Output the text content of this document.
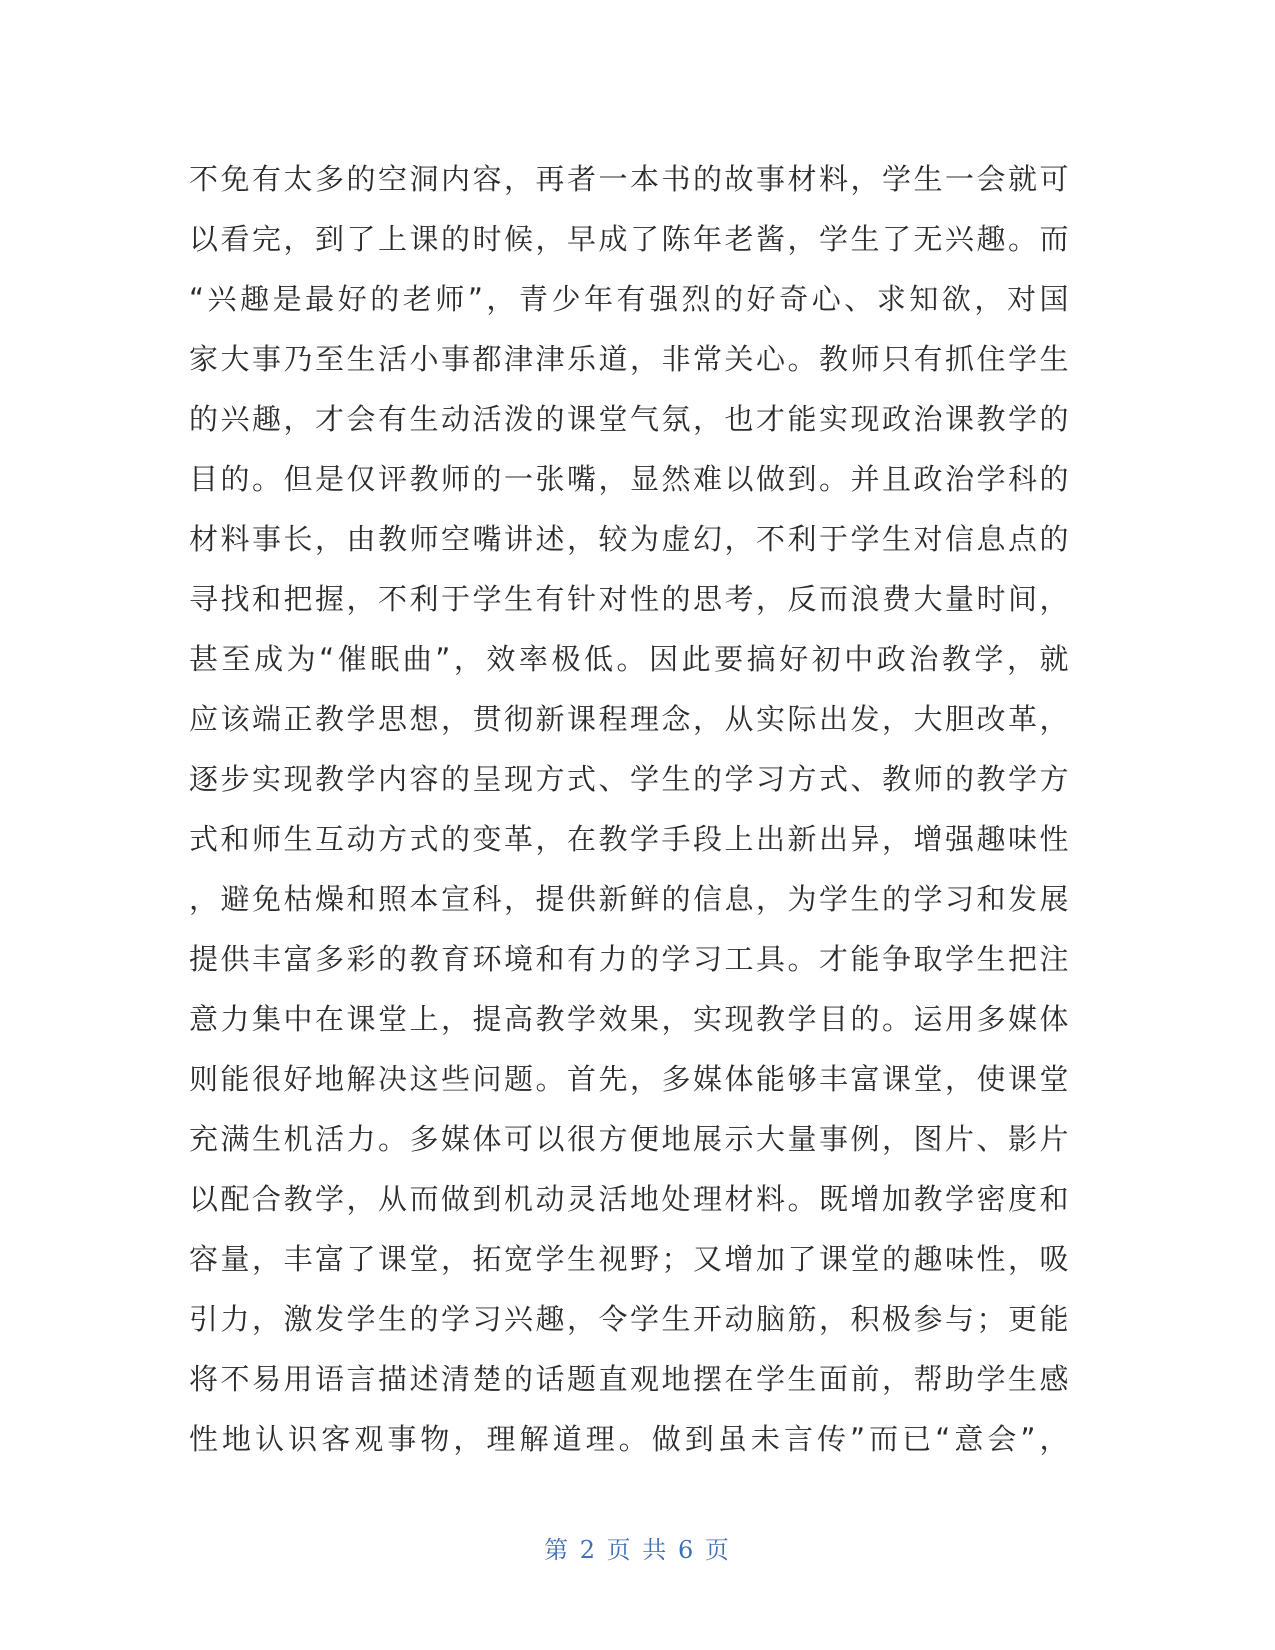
不免有太多的空洞内容，再者一本书的故事材料，学生一会就可
以看完，到了上课的时候，早成了陈年老酱，学生了无兴趣。而
“兴趣是最好的老师”，青少年有强烈的好奇心、求知欲，对国
家大事乃至生活小事都津津乐道，非常关心。教师只有抓住学生
的兴趣，才会有生动活泼的课堂气氛，也才能实现政治课教学的
目的。但是仅评教师的一张嘴，显然难以做到。并且政治学科的
材料事长，由教师空嘴讲述，较为虚幻，不利于学生对信息点的
寻找和把握，不利于学生有针对性的思考，反而浪费大量时间，
甚至成为“催眠曲”，效率极低。因此要搞好初中政治教学，就
应该端正教学思想，贯彻新课程理念，从实际出发，大胆改革，
逐步实现教学内容的呈现方式、学生的学习方式、教师的教学方
式和师生互动方式的变革，在教学手段上出新出异，增强趣味性
，避免枯燥和照本宣科，提供新鲜的信息，为学生的学习和发展
提供丰富多彩的教育环境和有力的学习工具。才能争取学生把注
意力集中在课堂上，提高教学效果，实现教学目的。运用多媒体
则能很好地解决这些问题。首先，多媒体能够丰富课堂，使课堂
充满生机活力。多媒体可以很方便地展示大量事例，图片、影片
以配合教学，从而做到机动灵活地处理材料。既增加教学密度和
容量，丰富了课堂，拓宽学生视野；又增加了课堂的趣味性，吸
引力，激发学生的学习兴趣，令学生开动脑筋，积极参与；更能
将不易用语言描述清楚的话题直观地摆在学生面前，帮助学生感
性地认识客观事物，理解道理。做到虽未言传”而已“意会”，
第 2 页 共 6 页
